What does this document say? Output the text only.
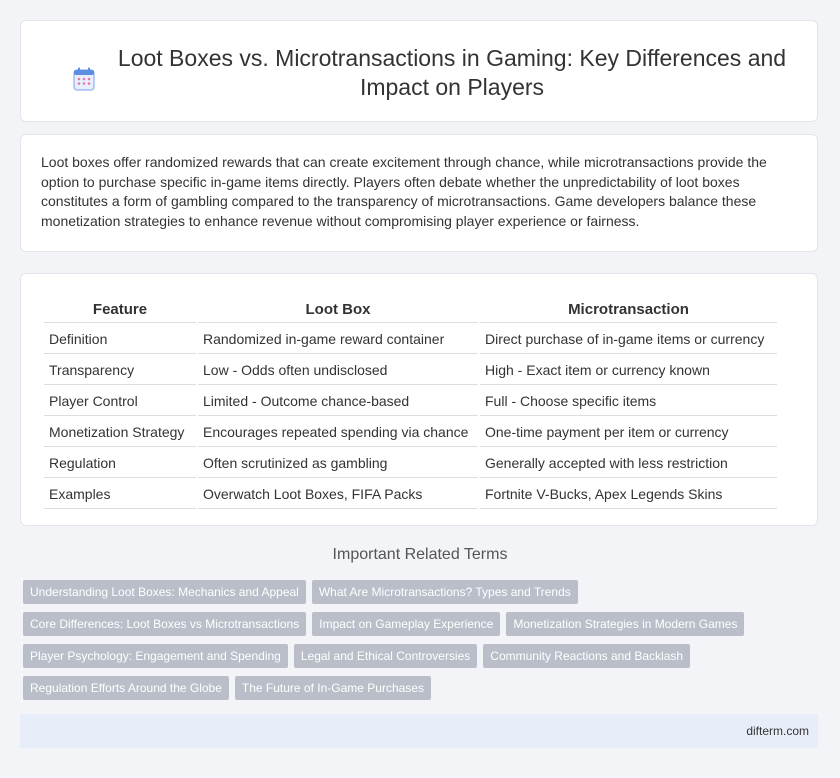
Loot Boxes vs. Microtransactions in Gaming: Key Differences and Impact on Players

Loot boxes offer randomized rewards that can create excitement through chance, while microtransactions provide the option to purchase specific in-game items directly. Players often debate whether the unpredictability of loot boxes constitutes a form of gambling compared to the transparency of microtransactions. Game developers balance these monetization strategies to enhance revenue without compromising player experience or fairness.

Feature	Loot Box	Microtransaction
Definition	Randomized in-game reward container	Direct purchase of in-game items or currency
Transparency	Low - Odds often undisclosed	High - Exact item or currency known
Player Control	Limited - Outcome chance-based	Full - Choose specific items
Monetization Strategy	Encourages repeated spending via chance	One-time payment per item or currency
Regulation	Often scrutinized as gambling	Generally accepted with less restriction
Examples	Overwatch Loot Boxes, FIFA Packs	Fortnite V-Bucks, Apex Legends Skins
Important Related Terms
Understanding Loot Boxes: Mechanics and Appeal What Are Microtransactions? Types and Trends
Core Differences: Loot Boxes vs Microtransactions Impact on Gameplay Experience Monetization Strategies in Modern Games
Player Psychology: Engagement and Spending Legal and Ethical Controversies Community Reactions and Backlash
Regulation Efforts Around the Globe The Future of In-Game Purchases
difterm.com
